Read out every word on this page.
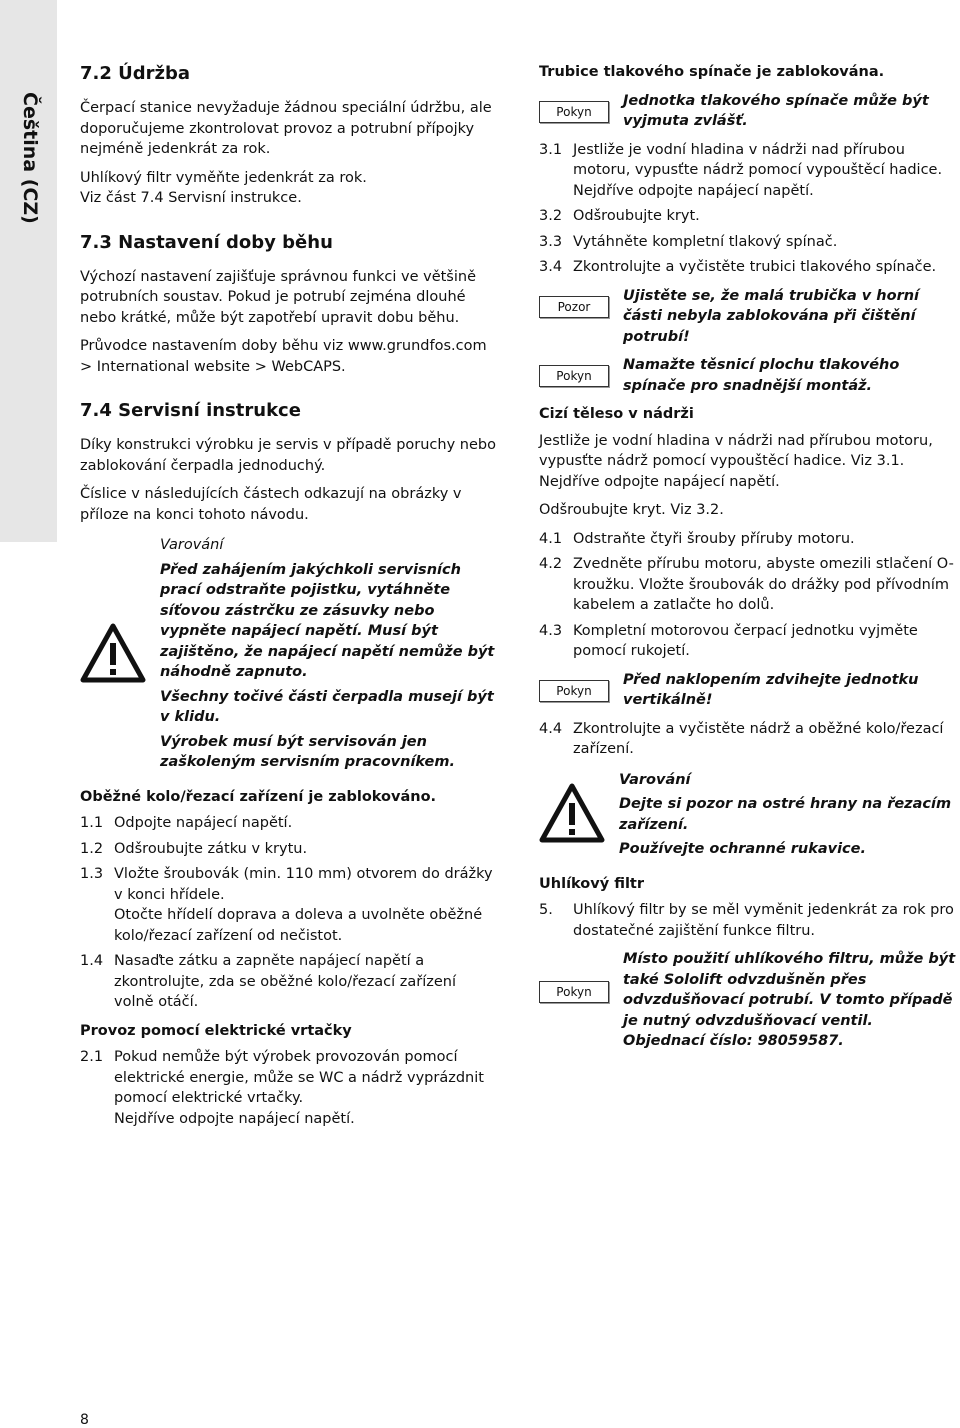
Čeština (CZ)
7.2 Údržba

Čerpací stanice nevyžaduje žádnou speciální údržbu, ale doporučujeme zkontrolovat provoz a potrubní přípojky nejméně jedenkrát za rok.

Uhlíkový filtr vyměňte jedenkrát za rok.

Viz část 7.4 Servisní instrukce.

7.3 Nastavení doby běhu

Výchozí nastavení zajišťuje správnou funkci ve většině potrubních soustav. Pokud je potrubí zejména dlouhé nebo krátké, může být zapotřebí upravit dobu běhu.

Průvodce nastavením doby běhu viz www.grundfos.com > International website > WebCAPS.

7.4 Servisní instrukce

Díky konstrukci výrobku je servis v případě poruchy nebo zablokování čerpadla jednoduchý.

Číslice v následujících částech odkazují na obrázky v příloze na konci tohoto návodu.

Varování
Před zahájením jakýchkoli servisních prací odstraňte pojistku, vytáhněte síťovou zástrčku ze zásuvky nebo vypněte napájecí napětí. Musí být zajištěno, že napájecí napětí nemůže být náhodně zapnuto.
Všechny točivé části čerpadla musejí být v klidu.
Výrobek musí být servisován jen zaškoleným servisním pracovníkem.
Oběžné kolo/řezací zařízení je zablokováno.
1.1 Odpojte napájecí napětí.
1.2 Odšroubujte zátku v krytu.
1.3 Vložte šroubovák (min. 110 mm) otvorem do drážky v konci hřídele.
Otočte hřídelí doprava a doleva a uvolněte oběžné kolo/řezací zařízení od nečistot.
1.4 Nasaďte zátku a zapněte napájecí napětí a zkontrolujte, zda se oběžné kolo/řezací zařízení volně otáčí.
Provoz pomocí elektrické vrtačky
2.1 Pokud nemůže být výrobek provozován pomocí elektrické energie, může se WC a nádrž vyprázdnit pomocí elektrické vrtačky.
Nejdříve odpojte napájecí napětí.
Trubice tlakového spínače je zablokována.
Pokyn
Jednotka tlakového spínače může být vyjmuta zvlášť.
3.1 Jestliže je vodní hladina v nádrži nad přírubou motoru, vypusťte nádrž pomocí vypouštěcí hadice. Nejdříve odpojte napájecí napětí.
3.2 Odšroubujte kryt.
3.3 Vytáhněte kompletní tlakový spínač.
3.4 Zkontrolujte a vyčistěte trubici tlakového spínače.
Pozor
Ujistěte se, že malá trubička v horní části nebyla zablokována při čištění potrubí!
Pokyn
Namažte těsnicí plochu tlakového spínače pro snadnější montáž.
Cizí těleso v nádrži

Jestliže je vodní hladina v nádrži nad přírubou motoru, vypusťte nádrž pomocí vypouštěcí hadice. Viz 3.1. Nejdříve odpojte napájecí napětí.

Odšroubujte kryt. Viz 3.2.

4.1 Odstraňte čtyři šrouby příruby motoru.
4.2 Zvedněte přírubu motoru, abyste omezili stlačení O-kroužku. Vložte šroubovák do drážky pod přívodním kabelem a zatlačte ho dolů.
4.3 Kompletní motorovou čerpací jednotku vyjměte pomocí rukojetí.
Pokyn
Před naklopením zdvihejte jednotku vertikálně!
4.4 Zkontrolujte a vyčistěte nádrž a oběžné kolo/řezací zařízení.
Varování
Dejte si pozor na ostré hrany na řezacím zařízení.
Používejte ochranné rukavice.
Uhlíkový filtr
5.	Uhlíkový filtr by se měl vyměnit jedenkrát za rok pro dostatečné zajištění funkce filtru.
Pokyn
Místo použití uhlíkového filtru, může být také Sololift odvzdušněn přes odvzdušňovací potrubí. V tomto případě je nutný odvzdušňovací ventil. Objednací číslo: 98059587.
8
